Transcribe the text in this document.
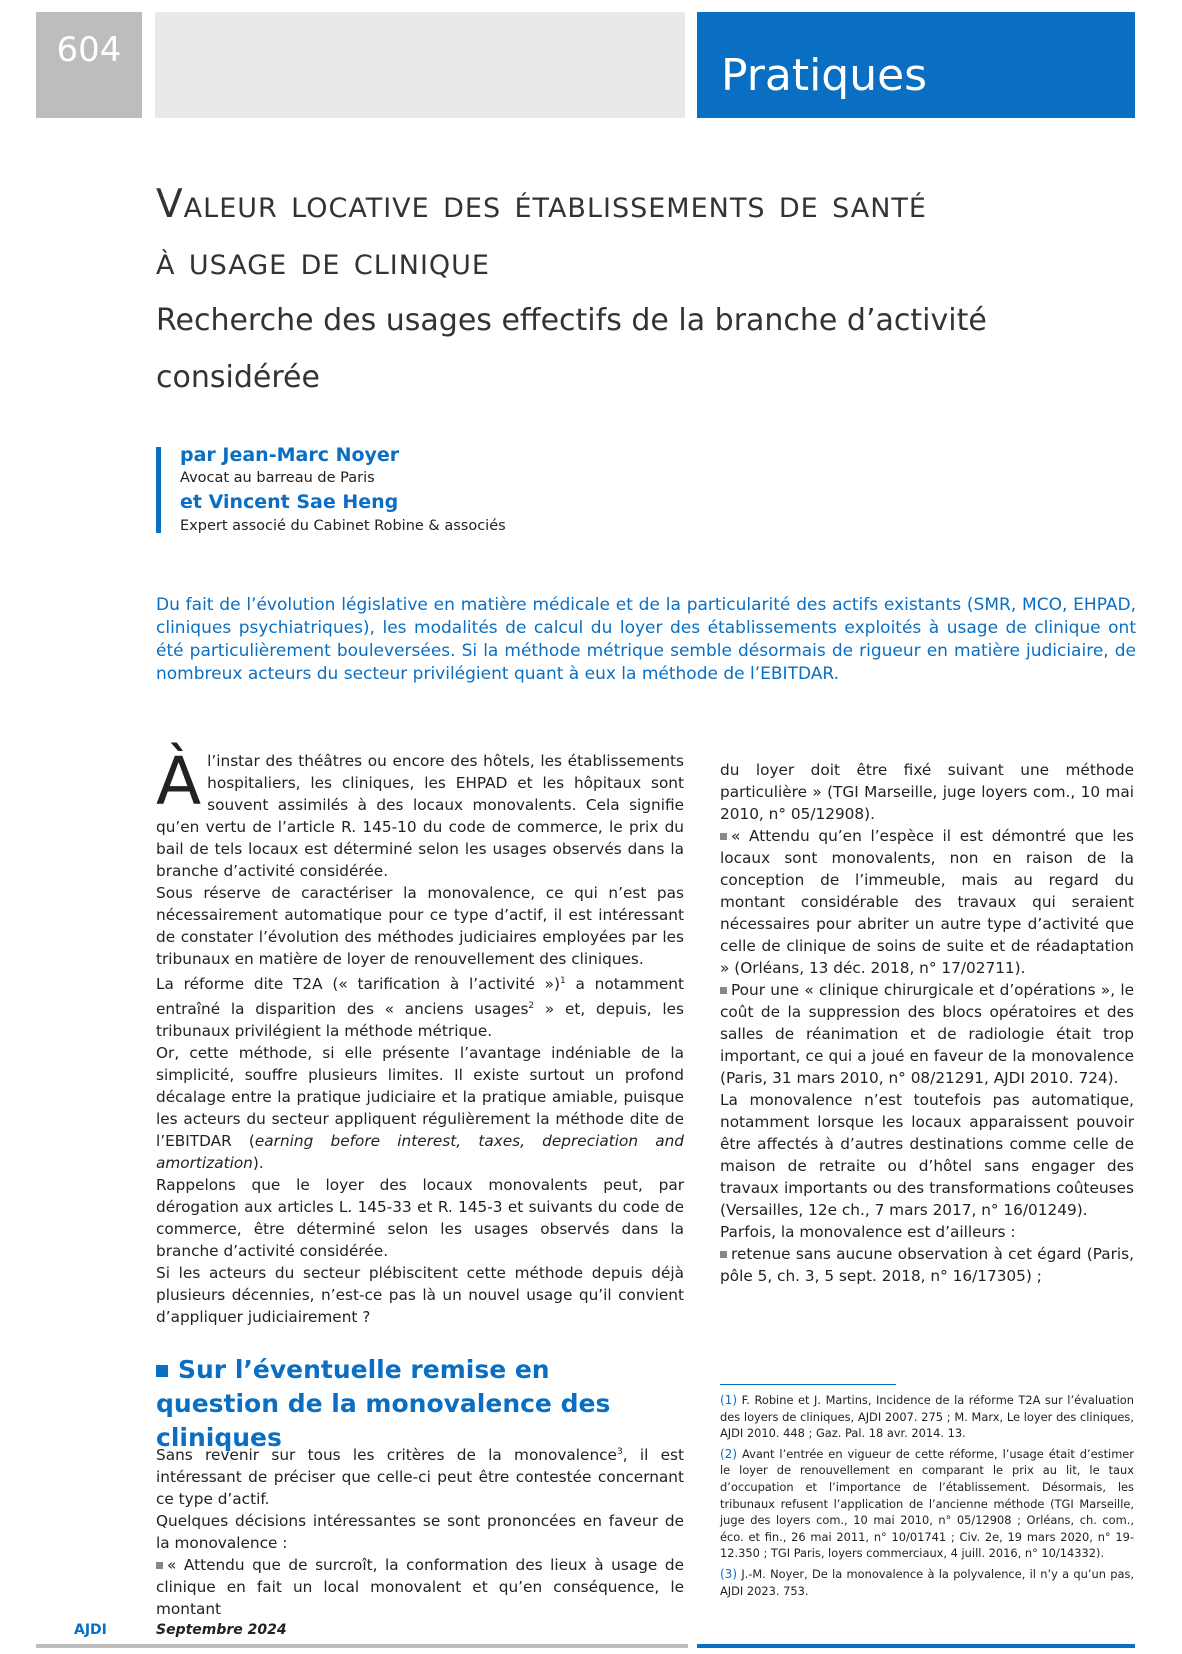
604	Pratiques
Valeur locative des établissements de santé
à usage de clinique
Recherche des usages effectifs de la branche d’activité
considérée
par Jean-Marc Noyer
Avocat au barreau de Paris
et Vincent Sae Heng
Expert associé du Cabinet Robine & associés
Du fait de l’évolution législative en matière médicale et de la particularité des actifs existants (SMR, MCO, EHPAD, cliniques psychiatriques), les modalités de calcul du loyer des établissements exploités à usage de clinique ont été particulièrement bouleversées. Si la méthode métrique semble désormais de rigueur en matière judiciaire, de nombreux acteurs du secteur privilégient quant à eux la méthode de l’EBITDAR.

Àl’instar des théâtres ou encore des hôtels, les établissements hospitaliers, les cliniques, les EHPAD et les hôpitaux sont souvent assimilés à des locaux monovalents. Cela signifie qu’en vertu de l’article R. 145-10 du code de commerce, le prix du bail de tels locaux est déterminé selon les usages observés dans la branche d’activité considérée.

Sous réserve de caractériser la monovalence, ce qui n’est pas nécessairement automatique pour ce type d’actif, il est intéressant de constater l’évolution des méthodes judiciaires employées par les tribunaux en matière de loyer de renouvellement des cliniques.

La réforme dite T2A (« tarification à l’activité »)$^1$ a notamment entraîné la disparition des « anciens usages$^2$ » et, depuis, les tribunaux privilégient la méthode métrique.

Or, cette méthode, si elle présente l’avantage indéniable de la simplicité, souffre plusieurs limites. Il existe surtout un profond décalage entre la pratique judiciaire et la pratique amiable, puisque les acteurs du secteur appliquent régulièrement la méthode dite de l’EBITDAR (earning before interest, taxes, depreciation and amortization).

Rappelons que le loyer des locaux monovalents peut, par dérogation aux articles L. 145-33 et R. 145-3 et suivants du code de commerce, être déterminé selon les usages observés dans la branche d’activité considérée.

Si les acteurs du secteur plébiscitent cette méthode depuis déjà plusieurs décennies, n’est-ce pas là un nouvel usage qu’il convient d’appliquer judiciairement ?

du loyer doit être fixé suivant une méthode particulière » (TGI Marseille, juge loyers com., 10 mai 2010, n° 05/12908).

« Attendu qu’en l’espèce il est démontré que les locaux sont monovalents, non en raison de la conception de l’immeuble, mais au regard du montant considérable des travaux qui seraient nécessaires pour abriter un autre type d’activité que celle de clinique de soins de suite et de réadaptation » (Orléans, 13 déc. 2018, n° 17/02711).

Pour une « clinique chirurgicale et d’opérations », le coût de la suppression des blocs opératoires et des salles de réanimation et de radiologie était trop important, ce qui a joué en faveur de la monovalence (Paris, 31 mars 2010, n° 08/21291, AJDI 2010. 724).

La monovalence n’est toutefois pas automatique, notamment lorsque les locaux apparaissent pouvoir être affectés à d’autres destinations comme celle de maison de retraite ou d’hôtel sans engager des travaux importants ou des transformations coûteuses (Versailles, 12e ch., 7 mars 2017, n° 16/01249).

Parfois, la monovalence est d’ailleurs :

retenue sans aucune observation à cet égard (Paris, pôle 5, ch. 3, 5 sept. 2018, n° 16/17305) ;

Sur l’éventuelle remise en question de la monovalence des cliniques

Sans revenir sur tous les critères de la monovalence$^3$, il est intéressant de préciser que celle-ci peut être contestée concernant ce type d’actif.

Quelques décisions intéressantes se sont prononcées en faveur de la monovalence :

« Attendu que de surcroît, la conformation des lieux à usage de clinique en fait un local monovalent et qu’en conséquence, le montant

(1) F. Robine et J. Martins, Incidence de la réforme T2A sur l’évaluation des loyers de cliniques, AJDI 2007. 275 ; M. Marx, Le loyer des cliniques, AJDI 2010. 448 ; Gaz. Pal. 18 avr. 2014. 13.

(2) Avant l’entrée en vigueur de cette réforme, l’usage était d’estimer le loyer de renouvellement en comparant le prix au lit, le taux d’occupation et l’importance de l’établissement. Désormais, les tribunaux refusent l’application de l’ancienne méthode (TGI Marseille, juge des loyers com., 10 mai 2010, n° 05/12908 ; Orléans, ch. com., éco. et fin., 26 mai 2011, n° 10/01741 ; Civ. 2e, 19 mars 2020, n° 19-12.350 ; TGI Paris, loyers commerciaux, 4 juill. 2016, n° 10/14332).

(3) J.-M. Noyer, De la monovalence à la polyvalence, il n’y a qu’un pas, AJDI 2023. 753.

AJDI	Septembre 2024
